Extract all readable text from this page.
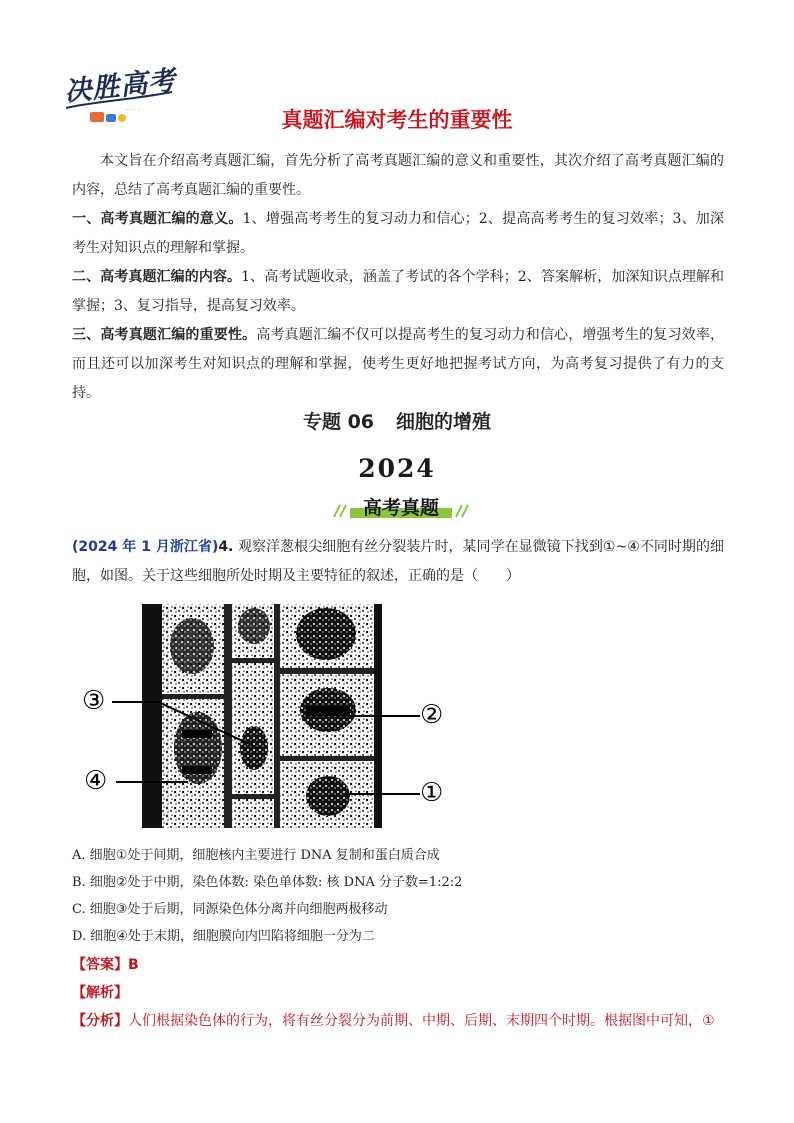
· · · ·
决胜高考
真题汇编对考生的重要性
本文旨在介绍高考真题汇编，首先分析了高考真题汇编的意义和重要性，其次介绍了高考真题汇编的内容，总结了高考真题汇编的重要性。
一、高考真题汇编的意义。1、增强高考考生的复习动力和信心；2、提高高考考生的复习效率；3、加深考生对知识点的理解和掌握。
二、高考真题汇编的内容。1、高考试题收录，涵盖了考试的各个学科；2、答案解析，加深知识点理解和掌握；3、复习指导，提高复习效率。
三、高考真题汇编的重要性。高考真题汇编不仅可以提高考生的复习动力和信心，增强考生的复习效率，而且还可以加深考生对知识点的理解和掌握，使考生更好地把握考试方向，为高考复习提供了有力的支持。
专题 06 细胞的增殖
2024
高考真题
(2024 年 1 月浙江省)4. 观察洋葱根尖细胞有丝分裂装片时，某同学在显微镜下找到①~④不同时期的细胞，如图。关于这些细胞所处时期及主要特征的叙述，正确的是（　　）
①
②
③
④
A. 细胞①处于间期，细胞核内主要进行 DNA 复制和蛋白质合成
B. 细胞②处于中期，染色体数: 染色单体数: 核 DNA 分子数=1:2:2
C. 细胞③处于后期，同源染色体分离并向细胞两极移动
D. 细胞④处于末期，细胞膜向内凹陷将细胞一分为二
【答案】B
【解析】
【分析】人们根据染色体的行为，将有丝分裂分为前期、中期、后期、末期四个时期。根据图中可知，①
